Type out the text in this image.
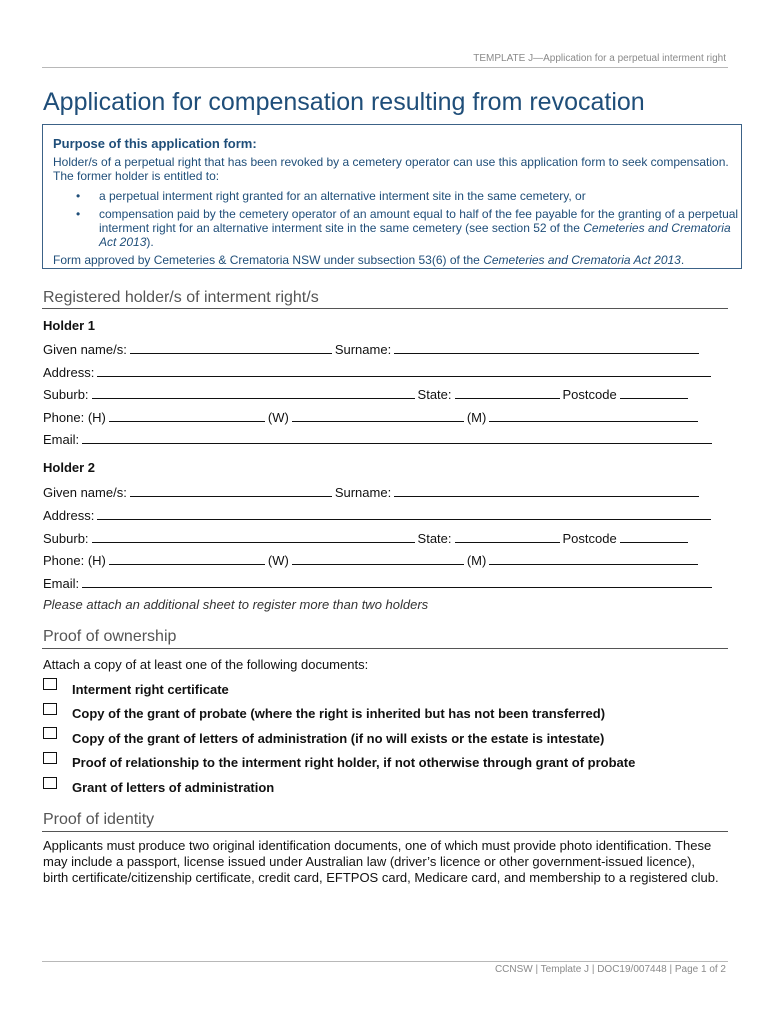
TEMPLATE J—Application for a perpetual interment right
Application for compensation resulting from revocation
Purpose of this application form:
Holder/s of a perpetual right that has been revoked by a cemetery operator can use this application form to seek compensation. The former holder is entitled to:
• a perpetual interment right granted for an alternative interment site in the same cemetery, or
• compensation paid by the cemetery operator of an amount equal to half of the fee payable for the granting of a perpetual interment right for an alternative interment site in the same cemetery (see section 52 of the Cemeteries and Crematoria Act 2013).
Form approved by Cemeteries & Crematoria NSW under subsection 53(6) of the Cemeteries and Crematoria Act 2013.
Registered holder/s of interment right/s
Holder 1
Given name/s:	Surname:
Address:
Suburb:	State:	Postcode
Phone: (H)	(W)	(M)
Email:
Holder 2
Given name/s:	Surname:
Address:
Suburb:	State:	Postcode
Phone: (H)	(W)	(M)
Email:
Please attach an additional sheet to register more than two holders
Proof of ownership
Attach a copy of at least one of the following documents:
Interment right certificate
Copy of the grant of probate (where the right is inherited but has not been transferred)
Copy of the grant of letters of administration (if no will exists or the estate is intestate)
Proof of relationship to the interment right holder, if not otherwise through grant of probate
Grant of letters of administration
Proof of identity
Applicants must produce two original identification documents, one of which must provide photo identification. These may include a passport, license issued under Australian law (driver’s licence or other government-issued licence), birth certificate/citizenship certificate, credit card, EFTPOS card, Medicare card, and membership to a registered club.
CCNSW | Template J | DOC19/007448 | Page 1 of 2
